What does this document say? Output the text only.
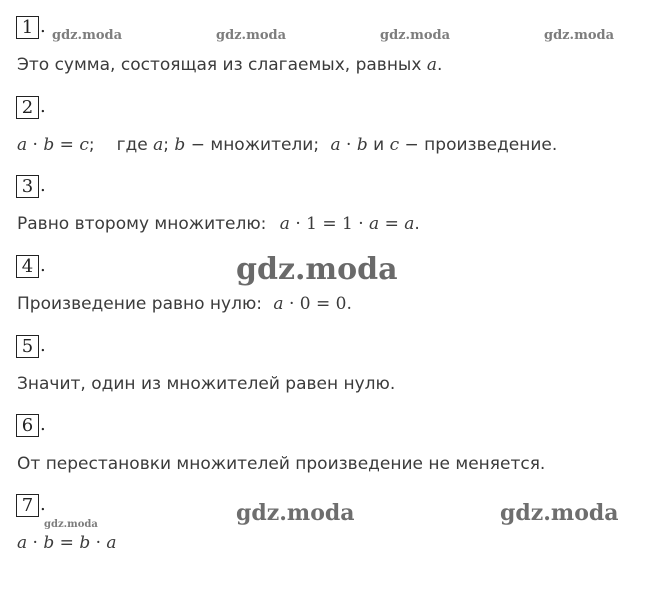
1 .
Это сумма, состоящая из слагаемых, равных a.
2 .
a · b = c; где a; b − множители; a · b и c − произведение.
3 .
Равно второму множителю: a · 1 = 1 · a = a.
4 .
Произведение равно нулю: a · 0 = 0.
5 .
Значит, один из множителей равен нулю.
6 .
От перестановки множителей произведение не меняется.
7 .
a · b = b · a
gdz.moda	gdz.moda	gdz.moda	gdz.moda
gdz.moda
gdz.moda	gdz.moda
gdz.moda
